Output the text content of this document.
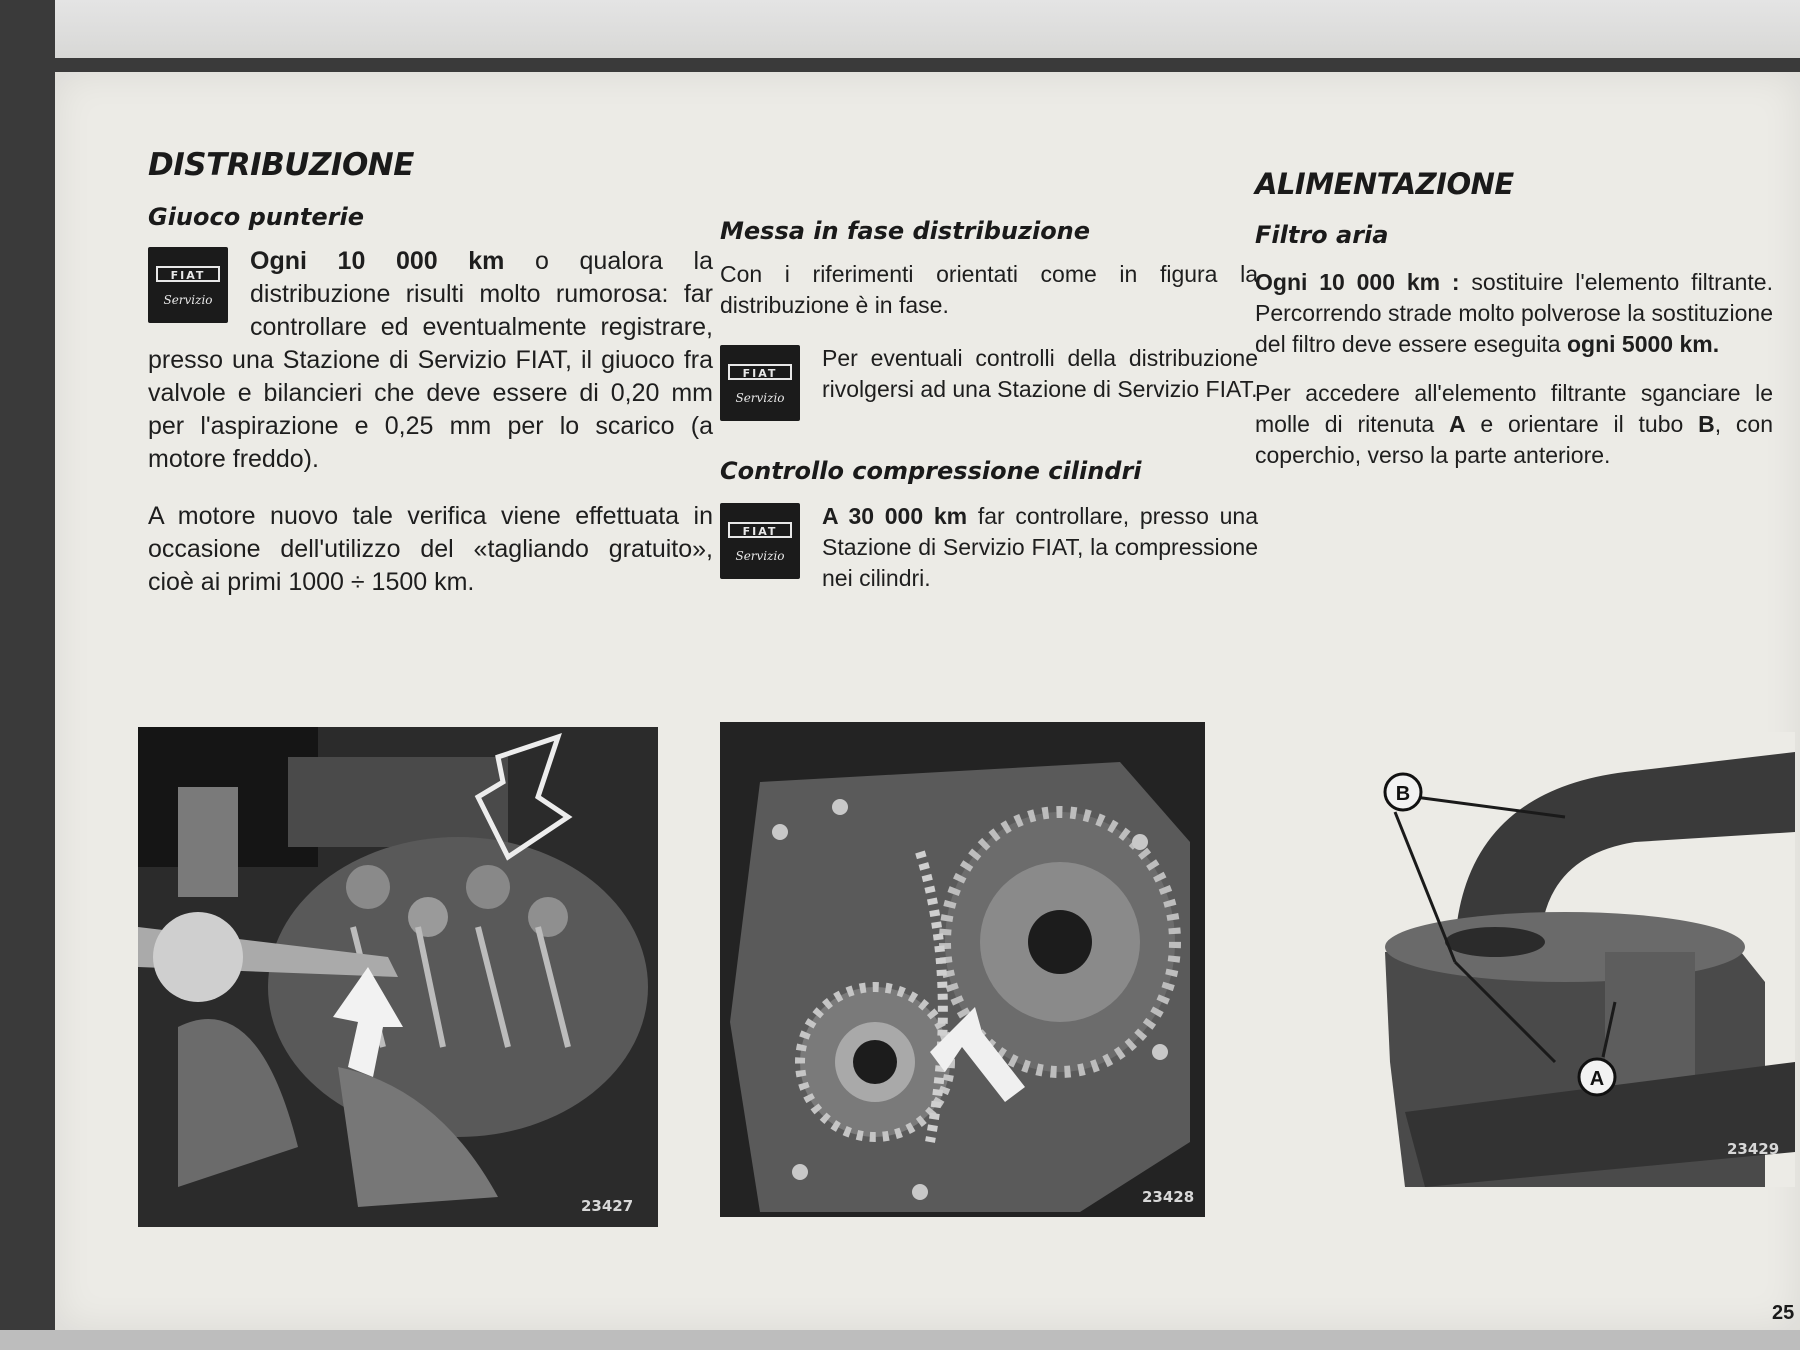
DISTRIBUZIONE
Giuoco punterie
FIAT
Servizio

Ogni 10 000 km o qualora la distribuzione risulti molto rumorosa: far controllare ed eventualmente registrare, presso una Stazione di Servizio FIAT, il giuoco fra valvole e bilancieri che deve essere di 0,20 mm per l'aspirazione e 0,25 mm per lo scarico (a motore freddo).

A motore nuovo tale verifica viene effettuata in occasione dell'utilizzo del «tagliando gratuito», cioè ai primi 1000 ÷ 1500 km.

Messa in fase distribuzione

Con i riferimenti orientati come in figura la distribuzione è in fase.

FIAT
Servizio

Per eventuali controlli della distribuzione rivolgersi ad una Stazione di Servizio FIAT.

Controllo compressione cilindri
FIAT
Servizio

A 30 000 km far controllare, presso una Stazione di Servizio FIAT, la compressione nei cilindri.

ALIMENTAZIONE
Filtro aria

Ogni 10 000 km : sostituire l'elemento filtrante. Percorrendo strade molto polverose la sostituzione del filtro deve essere eseguita ogni 5000 km.

Per accedere all'elemento filtrante sganciare le molle di ritenuta A e orientare il tubo B, con coperchio, verso la parte anteriore.

23427	23428
B
A
23429
25
